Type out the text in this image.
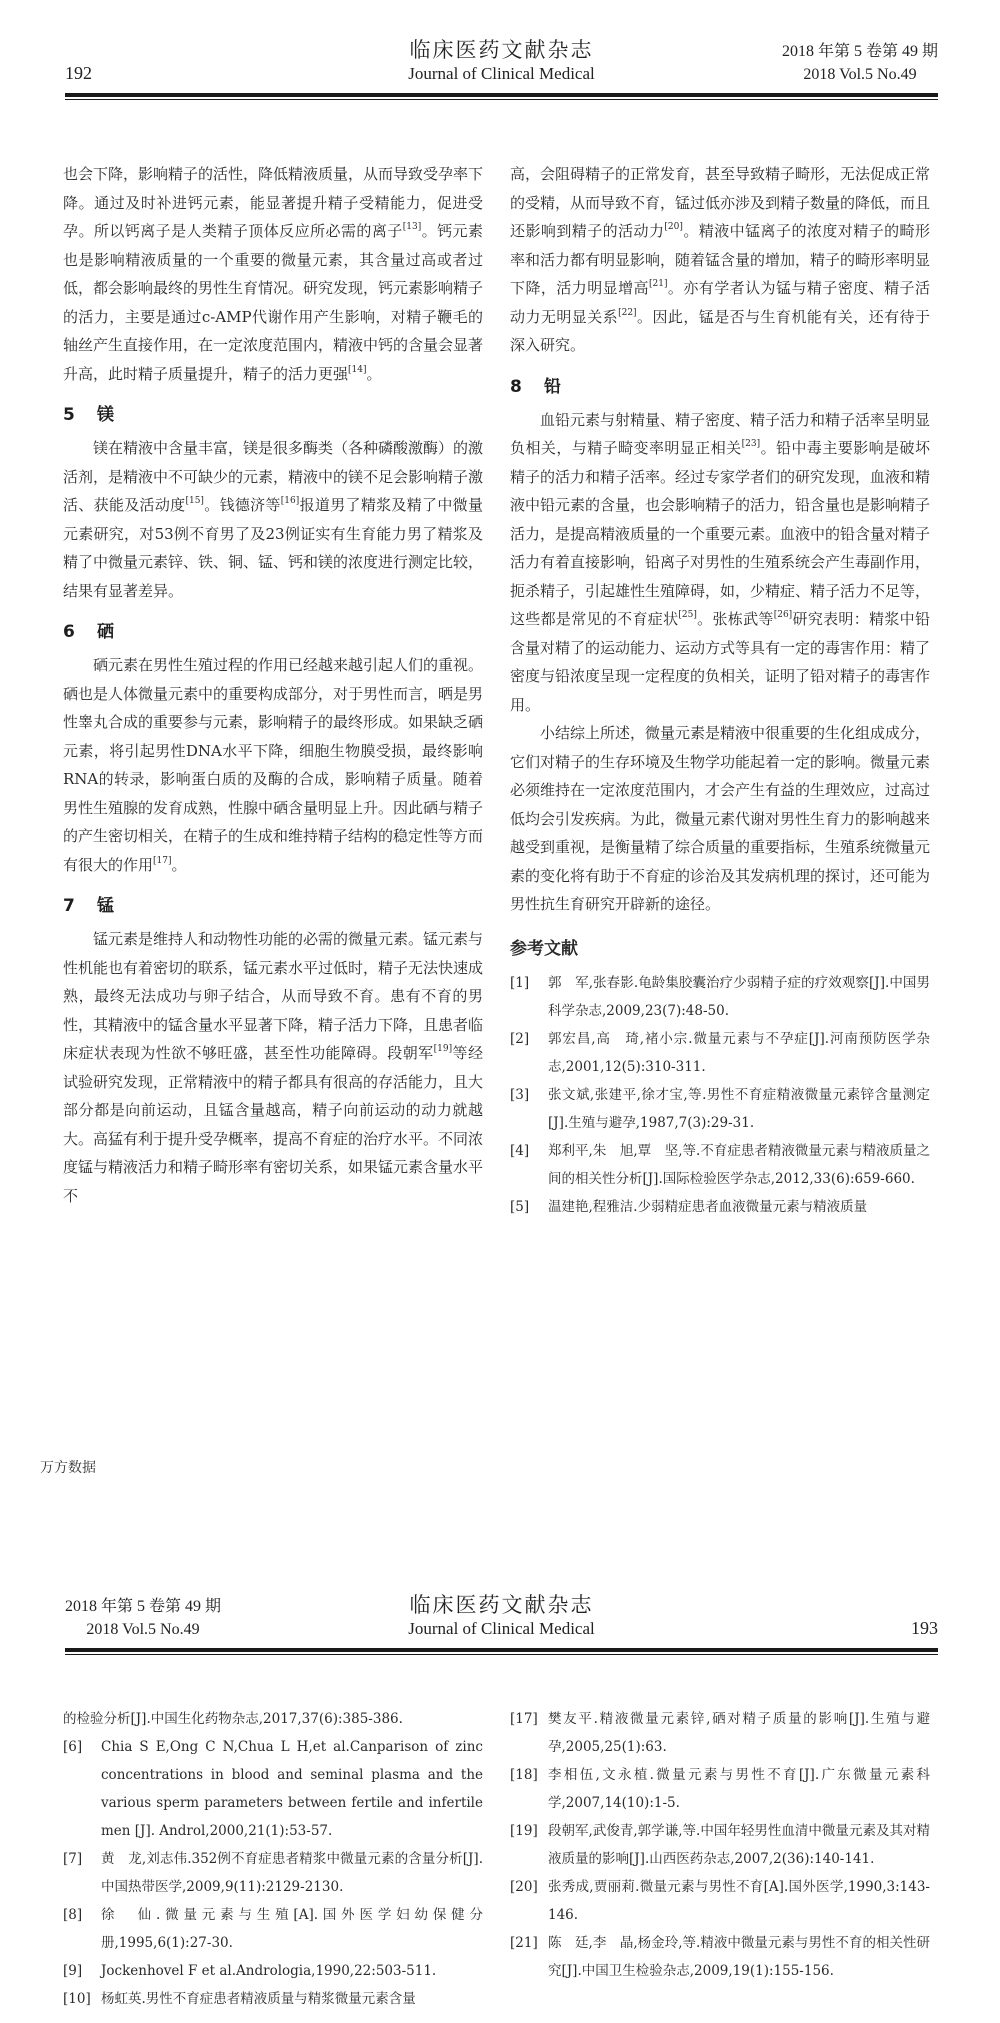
192
临床医药文献杂志
Journal of Clinical Medical
2018 年第 5 卷第 49 期
2018 Vol.5 No.49

也会下降，影响精子的活性，降低精液质量，从而导致受孕率下降。通过及时补进钙元素，能显著提升精子受精能力，促进受孕。所以钙离子是人类精子顶体反应所必需的离子[13]。钙元素也是影响精液质量的一个重要的微量元素，其含量过高或者过低，都会影响最终的男性生育情况。研究发现，钙元素影响精子的活力，主要是通过c-AMP代谢作用产生影响，对精子鞭毛的轴丝产生直接作用，在一定浓度范围内，精液中钙的含量会显著升高，此时精子质量提升，精子的活力更强[14]。

5 镁

镁在精液中含量丰富，镁是很多酶类（各种磷酸激酶）的激活剂，是精液中不可缺少的元素，精液中的镁不足会影响精子激活、获能及活动度[15]。钱德济等[16]报道男了精浆及精了中微量元素研究，对53例不育男了及23例证实有生育能力男了精浆及精了中微量元素锌、铁、铜、锰、钙和镁的浓度进行测定比较，结果有显著差异。

6 硒

硒元素在男性生殖过程的作用已经越来越引起人们的重视。硒也是人体微量元素中的重要构成部分，对于男性而言，晒是男性睾丸合成的重要参与元素，影响精子的最终形成。如果缺乏硒元素，将引起男性DNA水平下降，细胞生物膜受损，最终影响RNA的转录，影响蛋白质的及酶的合成，影响精子质量。随着男性生殖腺的发育成熟，性腺中硒含量明显上升。因此硒与精子的产生密切相关，在精子的生成和维持精子结构的稳定性等方而有很大的作用[17]。

7 锰

锰元素是维持人和动物性功能的必需的微量元素。锰元素与性机能也有着密切的联系，锰元素水平过低时，精子无法快速成熟，最终无法成功与卵子结合，从而导致不育。患有不育的男性，其精液中的锰含量水平显著下降，精子活力下降，且患者临床症状表现为性欲不够旺盛，甚至性功能障碍。段朝军[19]等经试验研究发现，正常精液中的精子都具有很高的存活能力，且大部分都是向前运动，且锰含量越高，精子向前运动的动力就越大。高猛有利于提升受孕概率，提高不育症的治疗水平。不同浓度锰与精液活力和精子畸形率有密切关系，如果锰元素含量水平不

高，会阻碍精子的正常发育，甚至导致精子畸形，无法促成正常的受精，从而导致不育，锰过低亦涉及到精子数量的降低，而且还影响到精子的活动力[20]。精液中锰离子的浓度对精子的畸形率和活力都有明显影响，随着锰含量的增加，精子的畸形率明显下降，活力明显增高[21]。亦有学者认为锰与精子密度、精子活动力无明显关系[22]。因此，锰是否与生育机能有关，还有待于深入研究。

8 铅

血铅元素与射精量、精子密度、精子活力和精子活率呈明显负相关，与精子畸变率明显正相关[23]。铅中毒主要影响是破坏精子的活力和精子活率。经过专家学者们的研究发现，血液和精液中铅元素的含量，也会影响精子的活力，铅含量也是影响精子活力，是提高精液质量的一个重要元素。血液中的铅含量对精子活力有着直接影响，铅离子对男性的生殖系统会产生毒副作用，扼杀精子，引起雄性生殖障碍，如，少精症、精子活力不足等，这些都是常见的不育症状[25]。张栋武等[26]研究表明：精浆中铅含量对精了的运动能力、运动方式等具有一定的毒害作用：精了密度与铅浓度呈现一定程度的负相关，证明了铅对精子的毒害作用。

小结综上所述，微量元素是精液中很重要的生化组成成分，它们对精子的生存环境及生物学功能起着一定的影响。微量元素必须维持在一定浓度范围内，才会产生有益的生理效应，过高过低均会引发疾病。为此，微量元素代谢对男性生育力的影响越来越受到重视，是衡量精了综合质量的重要指标，生殖系统微量元素的变化将有助于不育症的诊治及其发病机理的探讨，还可能为男性抗生育研究开辟新的途径。

参考文献
[1]	郭　军,张春影.龟龄集胶囊治疗少弱精子症的疗效观察[J].中国男科学杂志,2009,23(7):48-50.
[2]	郭宏昌,高　琦,褚小宗.微量元素与不孕症[J].河南预防医学杂志,2001,12(5):310-311.
[3]	张文斌,张建平,徐才宝,等.男性不育症精液微量元素锌含量测定[J].生殖与避孕,1987,7(3):29-31.
[4]	郑利平,朱　旭,覃　坚,等.不育症患者精液微量元素与精液质量之间的相关性分析[J].国际检验医学杂志,2012,33(6):659-660.
[5]	温建艳,程雅洁.少弱精症患者血液微量元素与精液质量
万方数据
2018 年第 5 卷第 49 期
2018 Vol.5 No.49
临床医药文献杂志
Journal of Clinical Medical	193
的检验分析[J].中国生化药物杂志,2017,37(6):385-386.
[6]	Chia S E,Ong C N,Chua L H,et al.Canparison of zinc concentrations in blood and seminal plasma and the various sperm parameters between fertile and infertile men [J]. Androl,2000,21(1):53-57.
[7]	黄　龙,刘志伟.352例不育症患者精浆中微量元素的含量分析[J].中国热带医学,2009,9(11):2129-2130.
[8]	徐　仙.微量元素与生殖[A].国外医学妇幼保健分册,1995,6(1):27-30.
[9]	Jockenhovel F et al.Andrologia,1990,22:503-511.
[10] 杨虹英.男性不育症患者精液质量与精浆微量元素含量
[17] 樊友平.精液微量元素锌,硒对精子质量的影响[J].生殖与避孕,2005,25(1):63.
[18] 李相伍,文永植.微量元素与男性不育[J].广东微量元素科学,2007,14(10):1-5.
[19] 段朝军,武俊青,郭学谦,等.中国年轻男性血清中微量元素及其对精液质量的影响[J].山西医药杂志,2007,2(36):140-141.
[20] 张秀成,贾丽莉.微量元素与男性不育[A].国外医学,1990,3:143-146.
[21] 陈　廷,李　晶,杨金玲,等.精液中微量元素与男性不育的相关性研究[J].中国卫生检验杂志,2009,19(1):155-156.
